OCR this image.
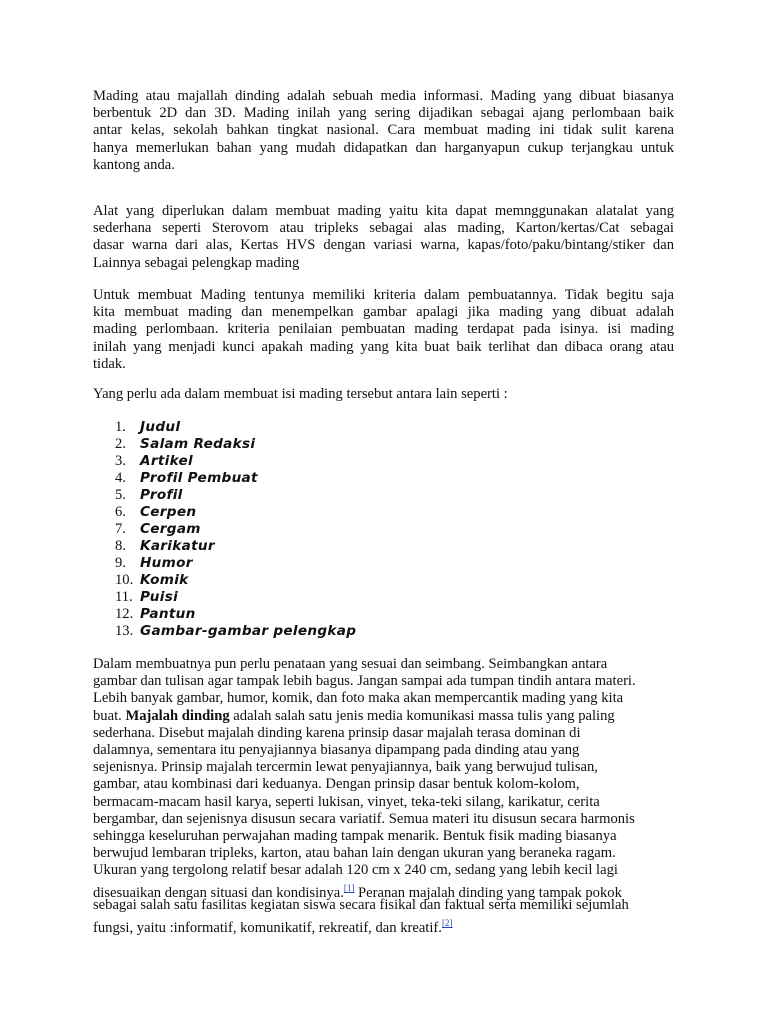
Mading atau majallah dinding adalah sebuah media informasi. Mading yang dibuat biasanya
berbentuk 2D dan 3D. Mading inilah yang sering dijadikan sebagai ajang perlombaan baik
antar kelas, sekolah bahkan tingkat nasional. Cara membuat mading ini tidak sulit karena
hanya memerlukan bahan yang mudah didapatkan dan harganyapun cukup terjangkau untuk
kantong anda.
Alat yang diperlukan dalam membuat mading yaitu kita dapat memnggunakan alatalat yang
sederhana seperti Sterovom atau tripleks sebagai alas mading, Karton/kertas/Cat sebagai
dasar warna dari alas, Kertas HVS dengan variasi warna, kapas/foto/paku/bintang/stiker dan
Lainnya sebagai pelengkap mading
Untuk membuat Mading tentunya memiliki kriteria dalam pembuatannya. Tidak begitu saja
kita membuat mading dan menempelkan gambar apalagi jika mading yang dibuat adalah
mading perlombaan. kriteria penilaian pembuatan mading terdapat pada isinya. isi mading
inilah yang menjadi kunci apakah mading yang kita buat baik terlihat dan dibaca orang atau
tidak.
Yang perlu ada dalam membuat isi mading tersebut antara lain seperti :
1. Judul
2. Salam Redaksi
3. Artikel
4. Profil Pembuat
5. Profil
6. Cerpen
7. Cergam
8. Karikatur
9. Humor
10. Komik
11. Puisi
12. Pantun
13. Gambar-gambar pelengkap
Dalam membuatnya pun perlu penataan yang sesuai dan seimbang. Seimbangkan antara
gambar dan tulisan agar tampak lebih bagus. Jangan sampai ada tumpan tindih antara materi.
Lebih banyak gambar, humor, komik, dan foto maka akan mempercantik mading yang kita
buat. Majalah dinding adalah salah satu jenis media komunikasi massa tulis yang paling
sederhana. Disebut majalah dinding karena prinsip dasar majalah terasa dominan di
dalamnya, sementara itu penyajiannya biasanya dipampang pada dinding atau yang
sejenisnya. Prinsip majalah tercermin lewat penyajiannya, baik yang berwujud tulisan,
gambar, atau kombinasi dari keduanya. Dengan prinsip dasar bentuk kolom-kolom,
bermacam-macam hasil karya, seperti lukisan, vinyet, teka-teki silang, karikatur, cerita
bergambar, dan sejenisnya disusun secara variatif. Semua materi itu disusun secara harmonis
sehingga keseluruhan perwajahan mading tampak menarik. Bentuk fisik mading biasanya
berwujud lembaran tripleks, karton, atau bahan lain dengan ukuran yang beraneka ragam.
Ukuran yang tergolong relatif besar adalah 120 cm x 240 cm, sedang yang lebih kecil lagi
disesuaikan dengan situasi dan kondisinya.[1] Peranan majalah dinding yang tampak pokok
sebagai salah satu fasilitas kegiatan siswa secara fisikal dan faktual serta memiliki sejumlah
fungsi, yaitu :informatif, komunikatif, rekreatif, dan kreatif.[2]
